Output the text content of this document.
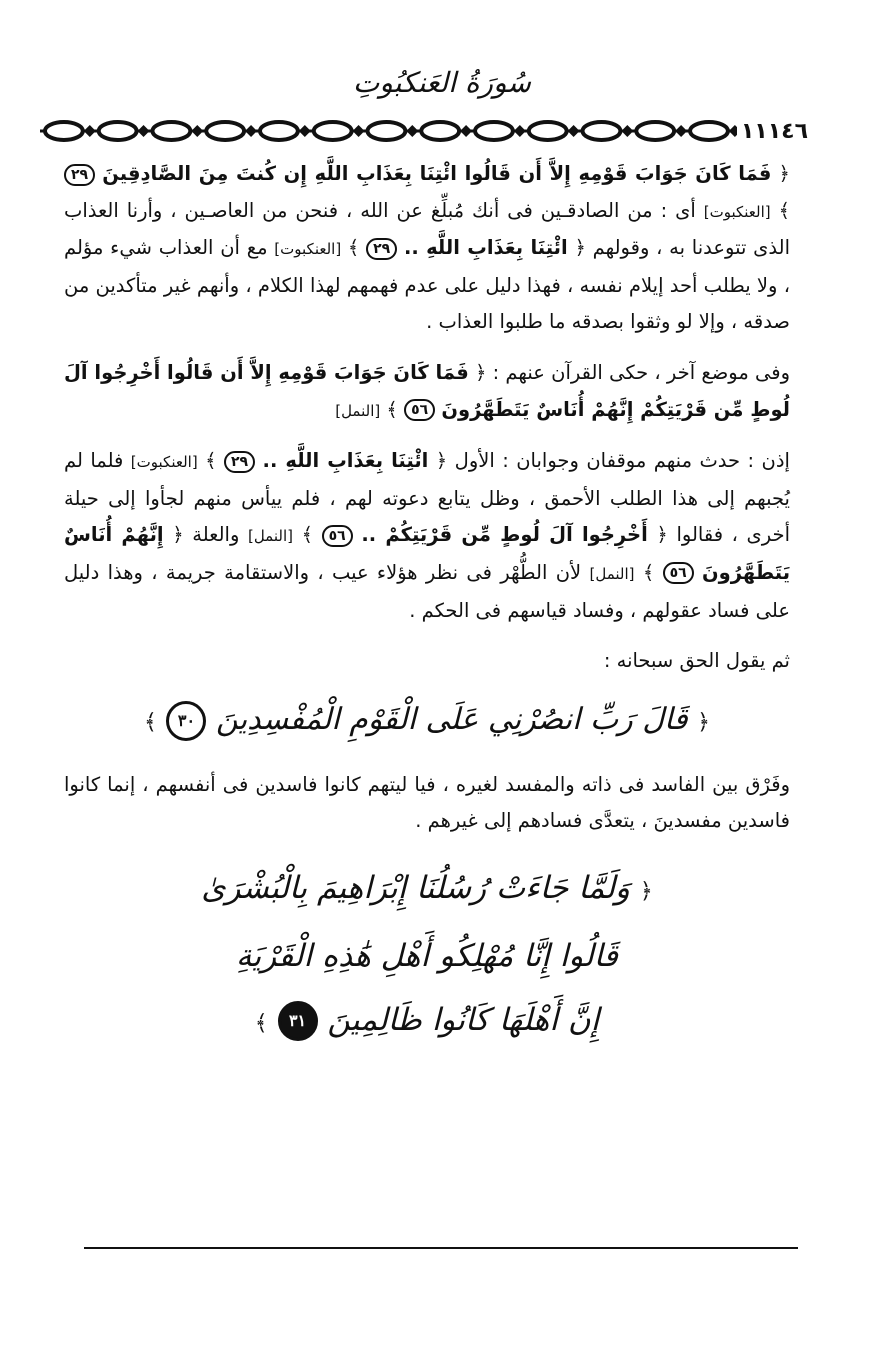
سُورَةُ العَنكبُوتِ
١١١٤٦

﴿ فَمَا كَانَ جَوَابَ قَوْمِهِ إِلاَّ أَن قَالُوا ائْتِنَا بِعَذَابِ اللَّهِ إِن كُنتَ مِنَ الصَّادِقِينَ ٢٩ ﴾ [العنكبوت] أى : من الصادقـين فى أنك مُبلِّغ عن الله ، فنحن من العاصـين ، وأرنا العذاب الذى تتوعدنا به ، وقولهم ﴿ ائْتِنَا بِعَذَابِ اللَّهِ .. ٢٩ ﴾ [العنكبوت] مع أن العذاب شيء مؤلم ، ولا يطلب أحد إيلام نفسه ، فهذا دليل على عدم فهمهم لهذا الكلام ، وأنهم غير متأكدين من صدقه ، وإلا لو وثقوا بصدقه ما طلبوا العذاب .

وفى موضع آخر ، حكى القرآن عنهم : ﴿ فَمَا كَانَ جَوَابَ قَوْمِهِ إِلاَّ أَن قَالُوا أَخْرِجُوا آلَ لُوطٍ مِّن قَرْيَتِكُمْ إِنَّهُمْ أُنَاسٌ يَتَطَهَّرُونَ ٥٦ ﴾ [النمل]

إذن : حدث منهم موقفان وجوابان : الأول ﴿ ائْتِنَا بِعَذَابِ اللَّهِ .. ٢٩ ﴾ [العنكبوت] فلما لم يُجبهم إلى هذا الطلب الأحمق ، وظل يتابع دعوته لهم ، فلم ييأس منهم لجأوا إلى حيلة أخرى ، فقالوا ﴿ أَخْرِجُوا آلَ لُوطٍ مِّن قَرْيَتِكُمْ .. ٥٦ ﴾ [النمل] والعلة ﴿ إِنَّهُمْ أُنَاسٌ يَتَطَهَّرُونَ ٥٦ ﴾ [النمل] لأن الطُّهْر فى نظر هؤلاء عيب ، والاستقامة جريمة ، وهذا دليل على فساد عقولهم ، وفساد قياسهم فى الحكم .

ثم يقول الحق سبحانه :

﴿ قَالَ رَبِّ انصُرْنِي عَلَى الْقَوْمِ الْمُفْسِدِينَ ٣٠ ﴾

وفَرْق بين الفاسد فى ذاته والمفسد لغيره ، فيا ليتهم كانوا فاسدين فى أنفسهم ، إنما كانوا فاسدين مفسدينَ ، يتعدَّى فسادهم إلى غيرهم .

﴿ وَلَمَّا جَاءَتْ رُسُلُنَا إِبْرَاهِيمَ بِالْبُشْرَىٰ
قَالُوا إِنَّا مُهْلِكُو أَهْلِ هَٰذِهِ الْقَرْيَةِ
إِنَّ أَهْلَهَا كَانُوا ظَالِمِينَ ٣١ ﴾
